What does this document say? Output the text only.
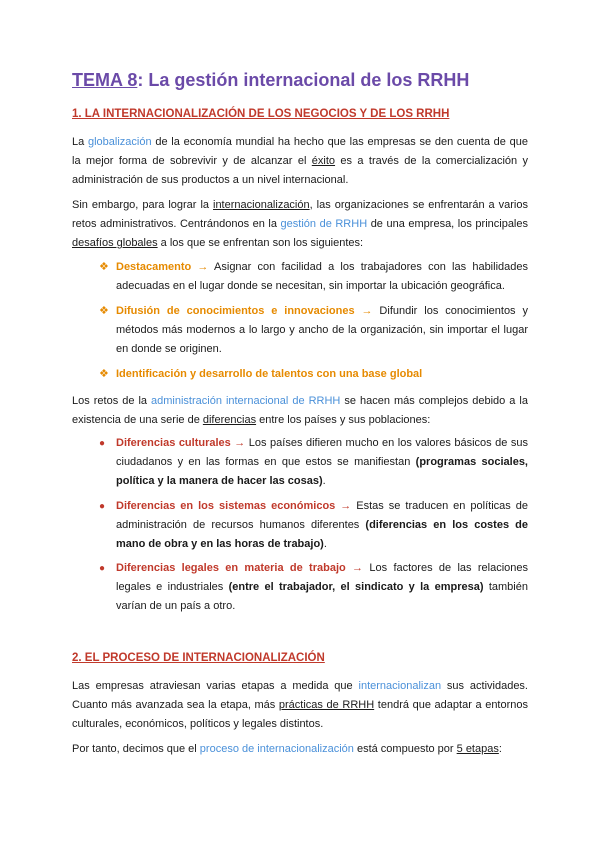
TEMA 8: La gestión internacional de los RRHH
1. LA INTERNACIONALIZACIÓN DE LOS NEGOCIOS Y DE LOS RRHH
La globalización de la economía mundial ha hecho que las empresas se den cuenta de que la mejor forma de sobrevivir y de alcanzar el éxito es a través de la comercialización y administración de sus productos a un nivel internacional.
Sin embargo, para lograr la internacionalización, las organizaciones se enfrentarán a varios retos administrativos. Centrándonos en la gestión de RRHH de una empresa, los principales desafíos globales a los que se enfrentan son los siguientes:
❖ Destacamento → Asignar con facilidad a los trabajadores con las habilidades adecuadas en el lugar donde se necesitan, sin importar la ubicación geográfica.
❖ Difusión de conocimientos e innovaciones → Difundir los conocimientos y métodos más modernos a lo largo y ancho de la organización, sin importar el lugar en donde se originen.
❖ Identificación y desarrollo de talentos con una base global
Los retos de la administración internacional de RRHH se hacen más complejos debido a la existencia de una serie de diferencias entre los países y sus poblaciones:
● Diferencias culturales → Los países difieren mucho en los valores básicos de sus ciudadanos y en las formas en que estos se manifiestan (programas sociales, política y la manera de hacer las cosas).
● Diferencias en los sistemas económicos → Estas se traducen en políticas de administración de recursos humanos diferentes (diferencias en los costes de mano de obra y en las horas de trabajo).
● Diferencias legales en materia de trabajo → Los factores de las relaciones legales e industriales (entre el trabajador, el sindicato y la empresa) también varían de un país a otro.
2. EL PROCESO DE INTERNACIONALIZACIÓN
Las empresas atraviesan varias etapas a medida que internacionalizan sus actividades. Cuanto más avanzada sea la etapa, más prácticas de RRHH tendrá que adaptar a entornos culturales, económicos, políticos y legales distintos.
Por tanto, decimos que el proceso de internacionalización está compuesto por 5 etapas:
